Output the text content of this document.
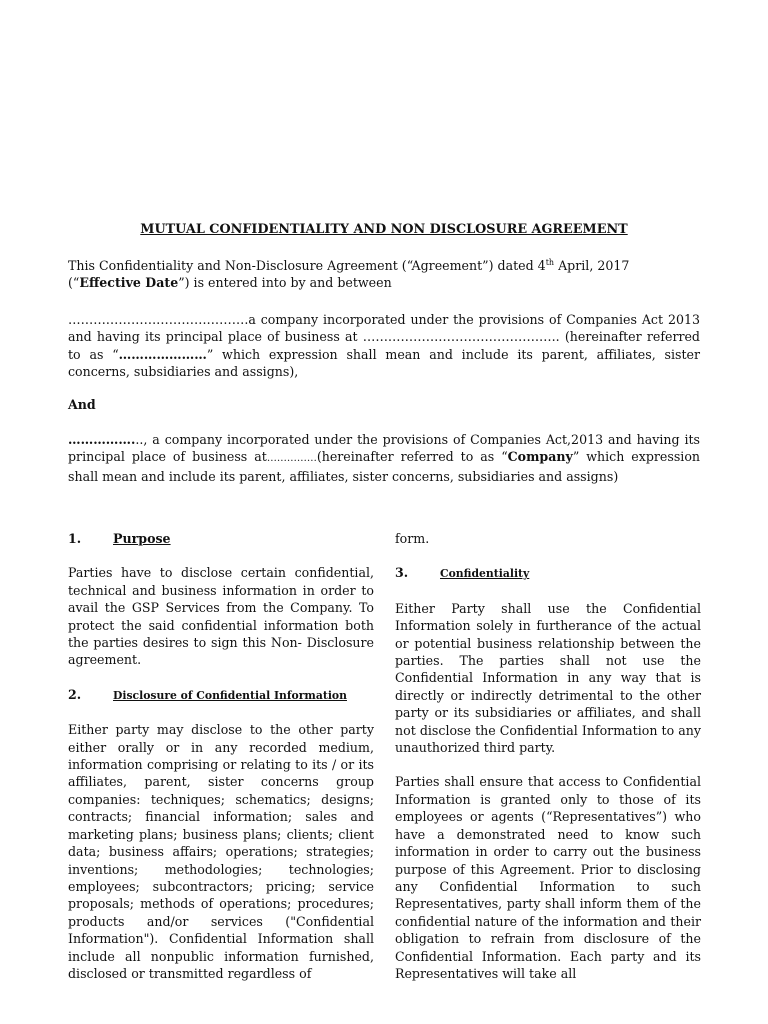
MUTUAL CONFIDENTIALITY AND NON DISCLOSURE AGREEMENT

This Confidentiality and Non-Disclosure Agreement (“Agreement”) dated 4th April, 2017 (“Effective Date”) is entered into by and between

…………………………………….a company incorporated under the provisions of Companies Act 2013 and having its principal place of business at ……………………………………….. (hereinafter referred to as “…………………” which expression shall mean and include its parent, affiliates, sister concerns, subsidiaries and assigns),

And

……………..., a company incorporated under the provisions of Companies Act,2013 and having its principal place of business at……………(hereinafter referred to as “Company” which expression shall mean and include its parent, affiliates, sister concerns, subsidiaries and assigns)

1.	Purpose

Parties have to disclose certain confidential, technical and business information in order to avail the GSP Services from the Company. To protect the said confidential information both the parties desires to sign this Non- Disclosure agreement.

2.	Disclosure of Confidential Information

Either party may disclose to the other party either orally or in any recorded medium, information comprising or relating to its / or its affiliates, parent, sister concerns group companies: techniques; schematics; designs; contracts; financial information; sales and marketing plans; business plans; clients; client data; business affairs; operations; strategies; inventions; methodologies; technologies; employees; subcontractors; pricing; service proposals; methods of operations; procedures; products and/or services ("Confidential Information"). Confidential Information shall include all nonpublic information furnished, disclosed or transmitted regardless of

form.

3.	Confidentiality

Either Party shall use the Confidential Information solely in furtherance of the actual or potential business relationship between the parties. The parties shall not use the Confidential Information in any way that is directly or indirectly detrimental to the other party or its subsidiaries or affiliates, and shall not disclose the Confidential Information to any unauthorized third party.

Parties shall ensure that access to Confidential Information is granted only to those of its employees or agents (“Representatives”) who have a demonstrated need to know such information in order to carry out the business purpose of this Agreement. Prior to disclosing any Confidential Information to such Representatives, party shall inform them of the confidential nature of the information and their obligation to refrain from disclosure of the Confidential Information. Each party and its Representatives will take all
